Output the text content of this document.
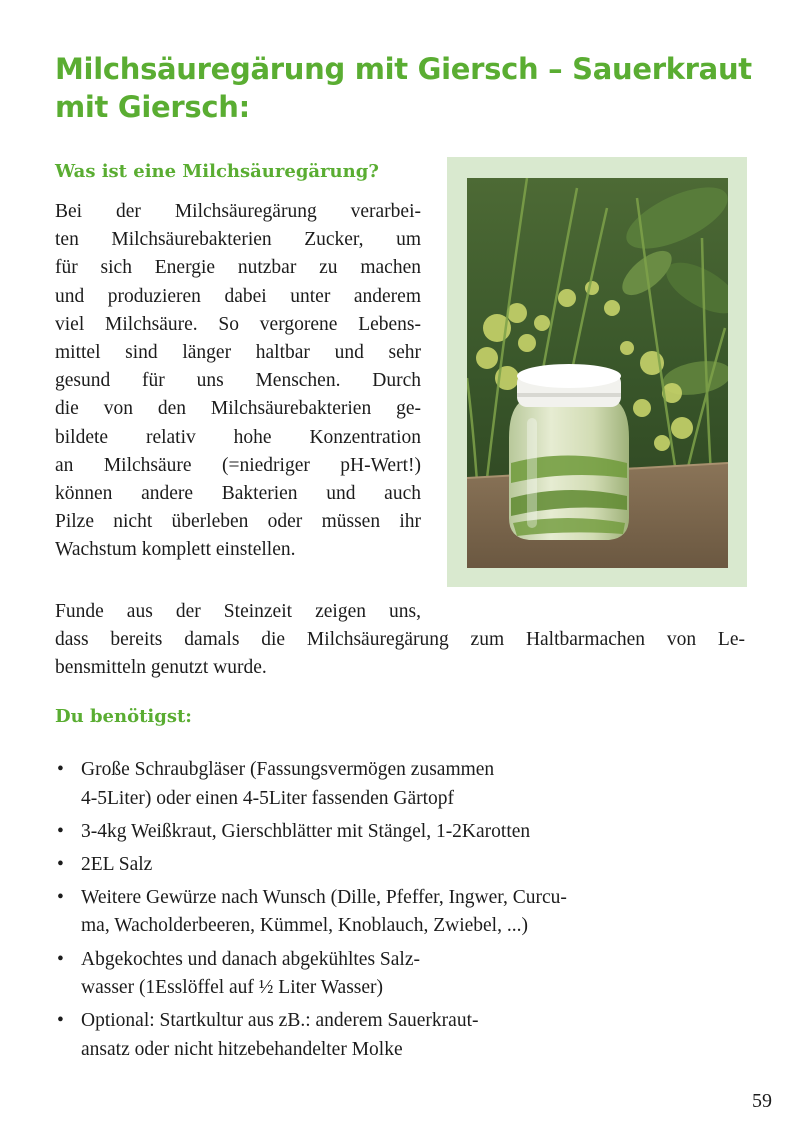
Milchsäuregärung mit Giersch – Sauerkraut
mit Giersch:
Was ist eine Milchsäuregärung?
Bei der Milchsäuregärung verarbei-
ten Milchsäurebakterien Zucker, um
für sich Energie nutzbar zu machen
und produzieren dabei unter anderem
viel Milchsäure. So vergorene Lebens-
mittel sind länger haltbar und sehr
gesund für uns Menschen. Durch
die von den Milchsäurebakterien ge-
bildete relativ hohe Konzentration
an Milchsäure (=niedriger pH-Wert!)
können andere Bakterien und auch
Pilze nicht überleben oder müssen ihr
Wachstum komplett einstellen.
Funde aus der Steinzeit zeigen uns,
dass bereits damals die Milchsäuregärung zum Haltbarmachen von Le-
bensmitteln genutzt wurde.
Du benötigst:
• Große Schraubgläser (Fassungsvermögen zusammen
4-5Liter) oder einen 4-5Liter fassenden Gärtopf
• 3-4kg Weißkraut, Gierschblätter mit Stängel, 1-2Karotten
• 2EL Salz
• Weitere Gewürze nach Wunsch (Dille, Pfeffer, Ingwer, Curcu-
ma, Wacholderbeeren, Kümmel, Knoblauch, Zwiebel, ...)
• Abgekochtes und danach abgekühltes Salz-
wasser (1Esslöffel auf ½ Liter Wasser)
• Optional: Startkultur aus zB.: anderem Sauerkraut-
ansatz oder nicht hitzebehandelter Molke
59
